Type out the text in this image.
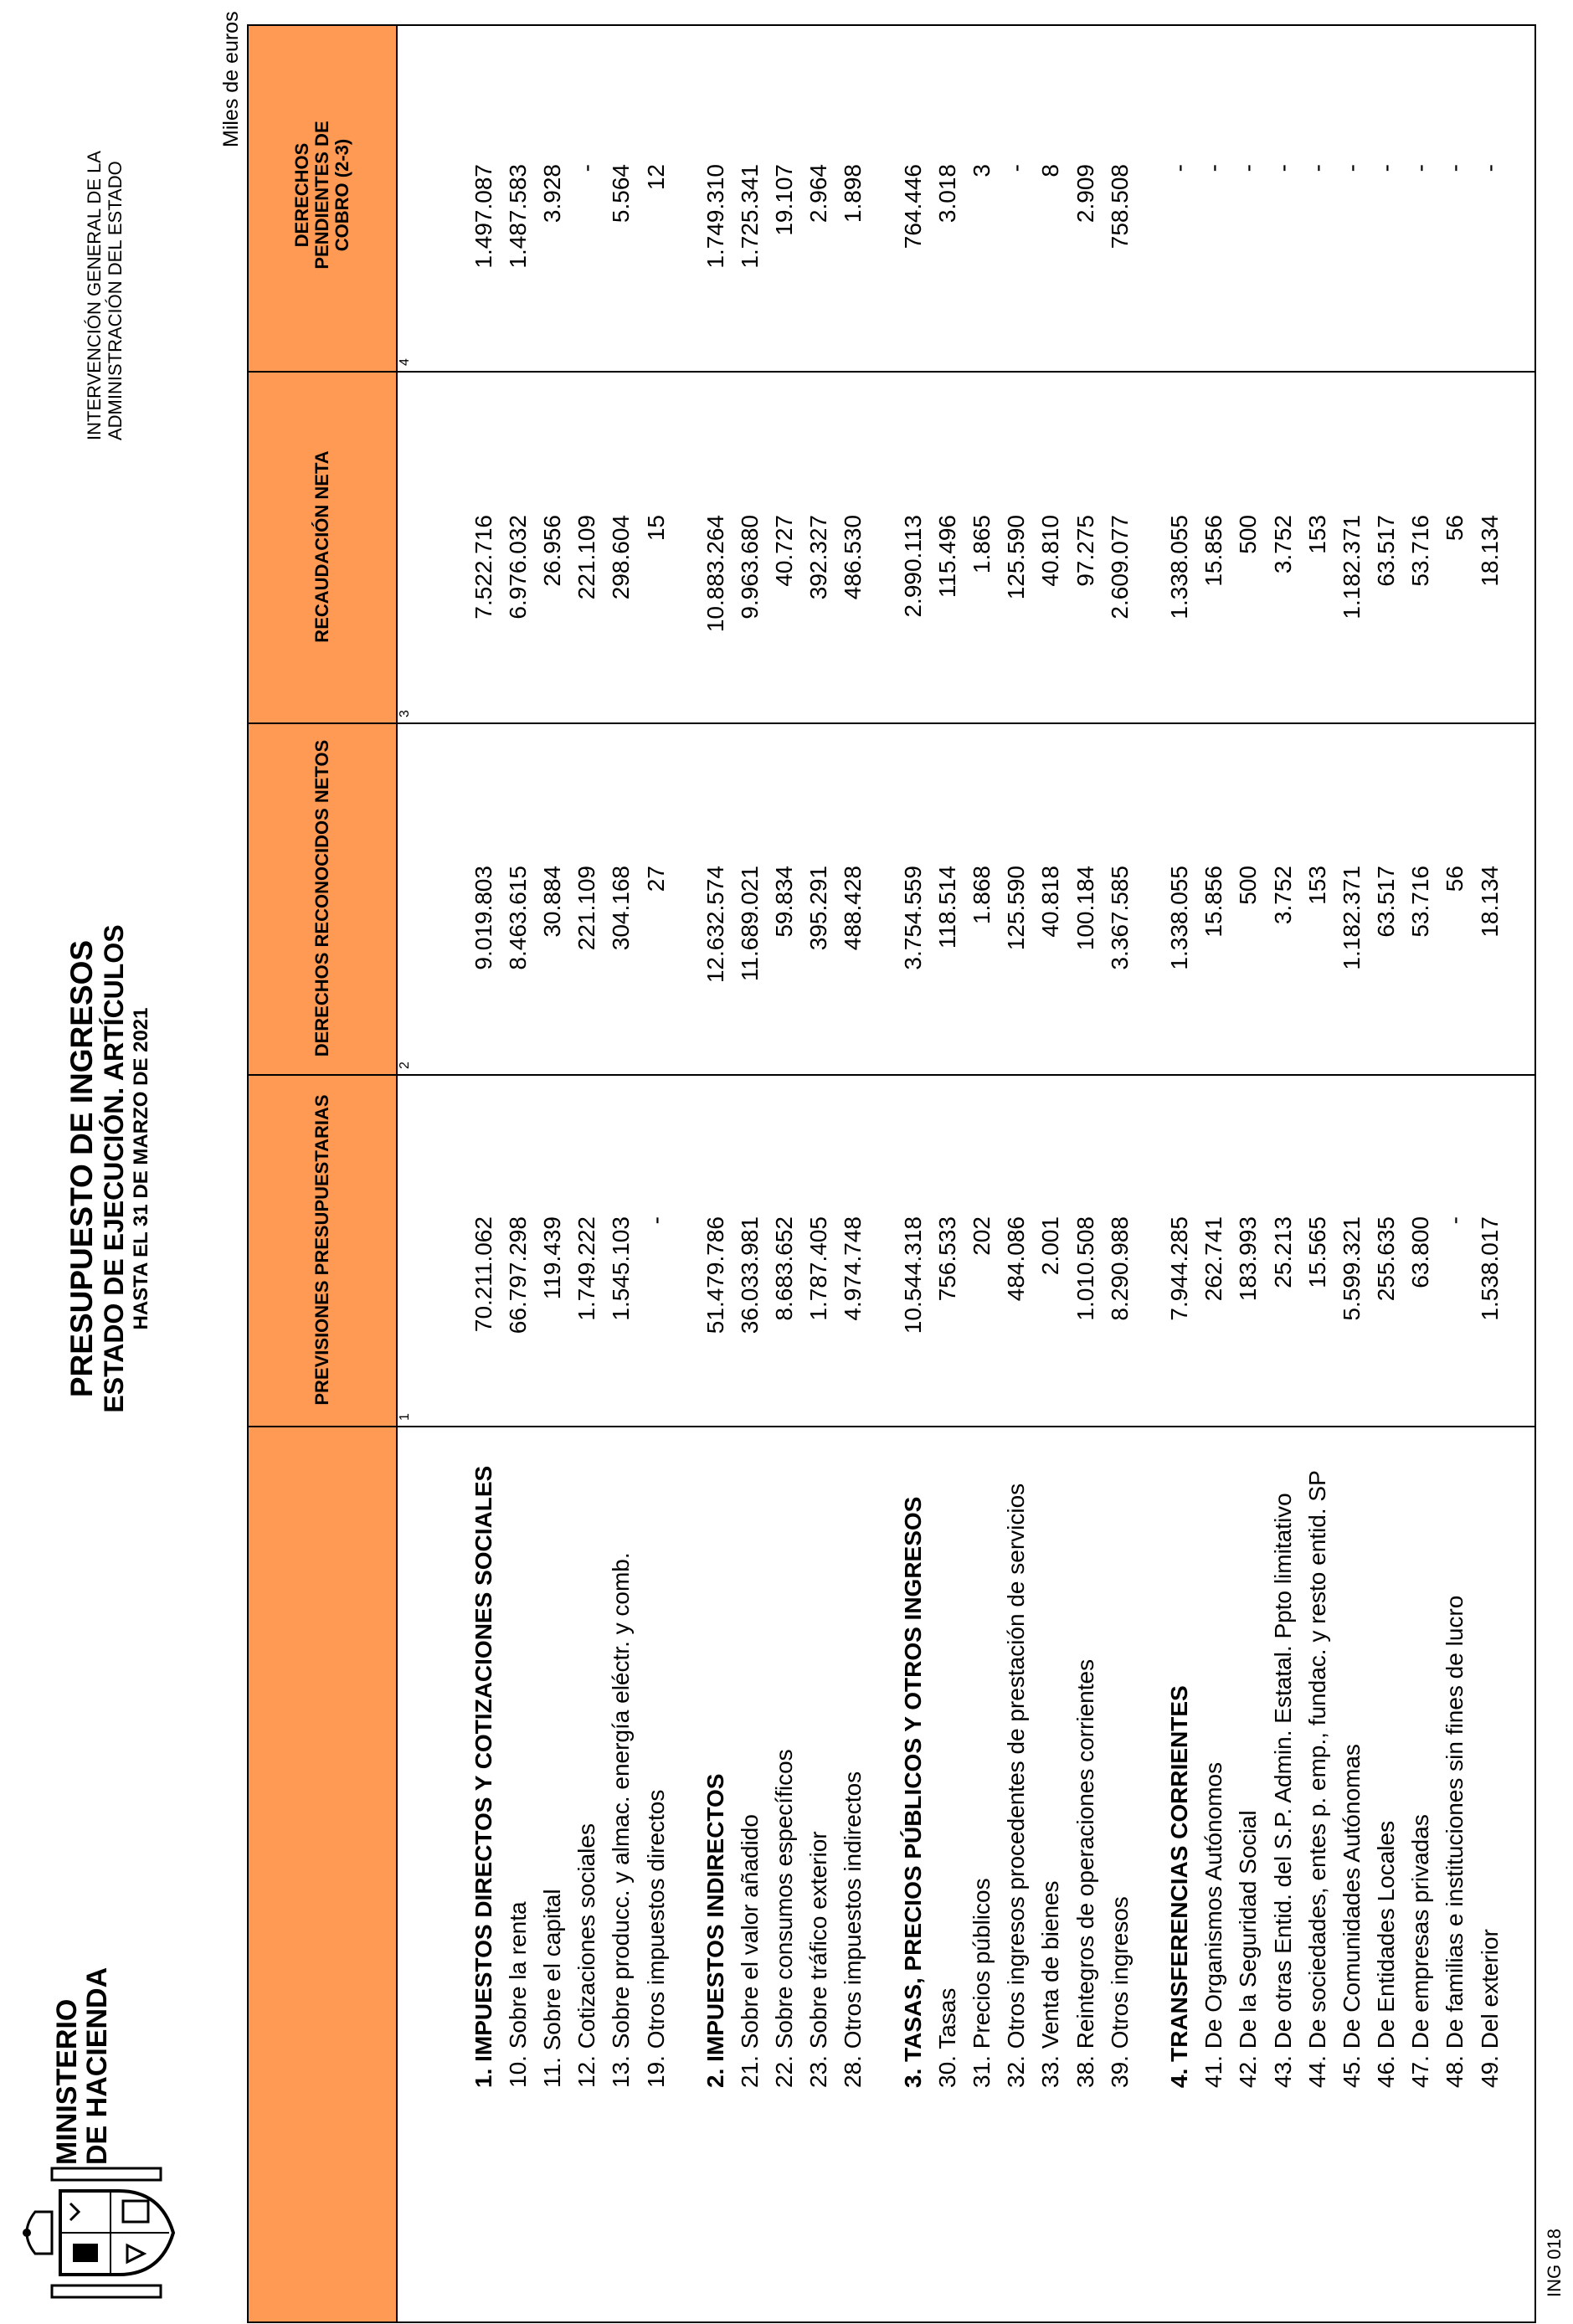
MINISTERIO
DE HACIENDA
PRESUPUESTO DE INGRESOS ESTADO DE EJECUCIÓN. ARTÍCULOS HASTA EL 31 DE MARZO DE 2021
INTERVENCIÓN GENERAL DE LA ADMINISTRACIÓN DEL ESTADO
Miles de euros
PREVISIONES PRESUPUESTARIAS
DERECHOS RECONOCIDOS NETOS
RECAUDACIÓN NETA
DERECHOS PENDIENTES DE COBRO (2-3)
1
2
3
4
1. IMPUESTOS DIRECTOS Y COTIZACIONES SOCIALES
70.211.062
9.019.803
7.522.716
1.497.087
10. Sobre la renta
66.797.298
8.463.615
6.976.032
1.487.583
11. Sobre el capital
119.439
30.884
26.956
3.928
12. Cotizaciones sociales
1.749.222
221.109
221.109
-
13. Sobre producc. y almac. energía eléctr. y comb.
1.545.103
304.168
298.604
5.564
19. Otros impuestos directos
-
27
15
12
2. IMPUESTOS INDIRECTOS
51.479.786
12.632.574
10.883.264
1.749.310
21. Sobre el valor añadido
36.033.981
11.689.021
9.963.680
1.725.341
22. Sobre consumos específicos
8.683.652
59.834
40.727
19.107
23. Sobre tráfico exterior
1.787.405
395.291
392.327
2.964
28. Otros impuestos indirectos
4.974.748
488.428
486.530
1.898
3. TASAS, PRECIOS PÚBLICOS Y OTROS INGRESOS
10.544.318
3.754.559
2.990.113
764.446
30. Tasas
756.533
118.514
115.496
3.018
31. Precios públicos
202
1.868
1.865
3
32. Otros ingresos procedentes de prestación de servicios
484.086
125.590
125.590
-
33. Venta de bienes
2.001
40.818
40.810
8
38. Reintegros de operaciones corrientes
1.010.508
100.184
97.275
2.909
39. Otros ingresos
8.290.988
3.367.585
2.609.077
758.508
4. TRANSFERENCIAS CORRIENTES
7.944.285
1.338.055
1.338.055
-
41. De Organismos Autónomos
262.741
15.856
15.856
-
42. De la Seguridad Social
183.993
500
500
-
43. De otras Entid. del S.P. Admin. Estatal. Ppto limitativo
25.213
3.752
3.752
-
44. De sociedades, entes p. emp., fundac. y resto entid. SP
15.565
153
153
-
45. De Comunidades Autónomas
5.599.321
1.182.371
1.182.371
-
46. De Entidades Locales
255.635
63.517
63.517
-
47. De empresas privadas
63.800
53.716
53.716
-
48. De familias e instituciones sin fines de lucro
-
56
56
-
49. Del exterior
1.538.017
18.134
18.134
-
ING 018
